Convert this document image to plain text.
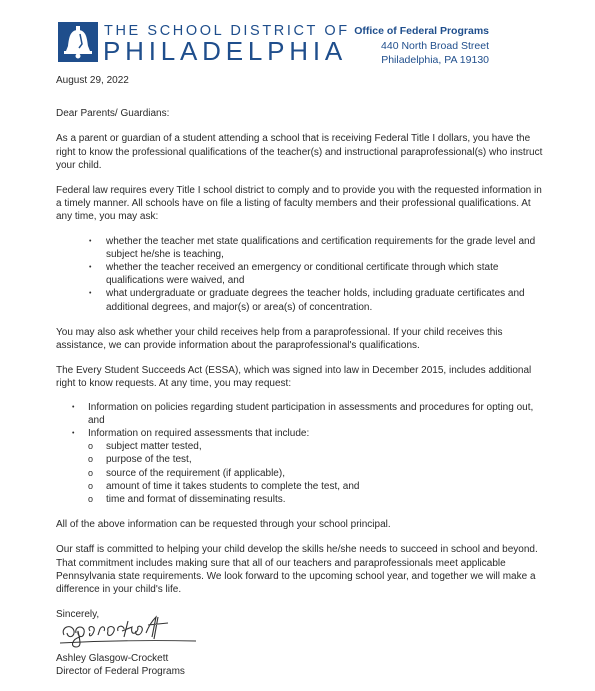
THE SCHOOL DISTRICT OF
PHILADELPHIA
Office of Federal Programs
440 North Broad Street
Philadelphia, PA 19130

August 29, 2022

Dear Parents/ Guardians:

As a parent or guardian of a student attending a school that is receiving Federal Title I dollars, you have the right to know the professional qualifications of the teacher(s) and instructional paraprofessional(s) who instruct your child.

Federal law requires every Title I school district to comply and to provide you with the requested information in a timely manner. All schools have on file a listing of faculty members and their professional qualifications. At any time, you may ask:

• whether the teacher met state qualifications and certification requirements for the grade level and subject he/she is teaching,
• whether the teacher received an emergency or conditional certificate through which state qualifications were waived, and
• what undergraduate or graduate degrees the teacher holds, including graduate certificates and additional degrees, and major(s) or area(s) of concentration.

You may also ask whether your child receives help from a paraprofessional. If your child receives this assistance, we can provide information about the paraprofessional's qualifications.

The Every Student Succeeds Act (ESSA), which was signed into law in December 2015, includes additional right to know requests. At any time, you may request:

• Information on policies regarding student participation in assessments and procedures for opting out, and
• Information on required assessments that include:
o subject matter tested,
o purpose of the test,
o source of the requirement (if applicable),
o amount of time it takes students to complete the test, and
o time and format of disseminating results.

All of the above information can be requested through your school principal.

Our staff is committed to helping your child develop the skills he/she needs to succeed in school and beyond. That commitment includes making sure that all of our teachers and paraprofessionals meet applicable Pennsylvania state requirements. We look forward to the upcoming school year, and together we will make a difference in your child's life.

Sincerely,

Ashley Glasgow-Crockett
Director of Federal Programs
